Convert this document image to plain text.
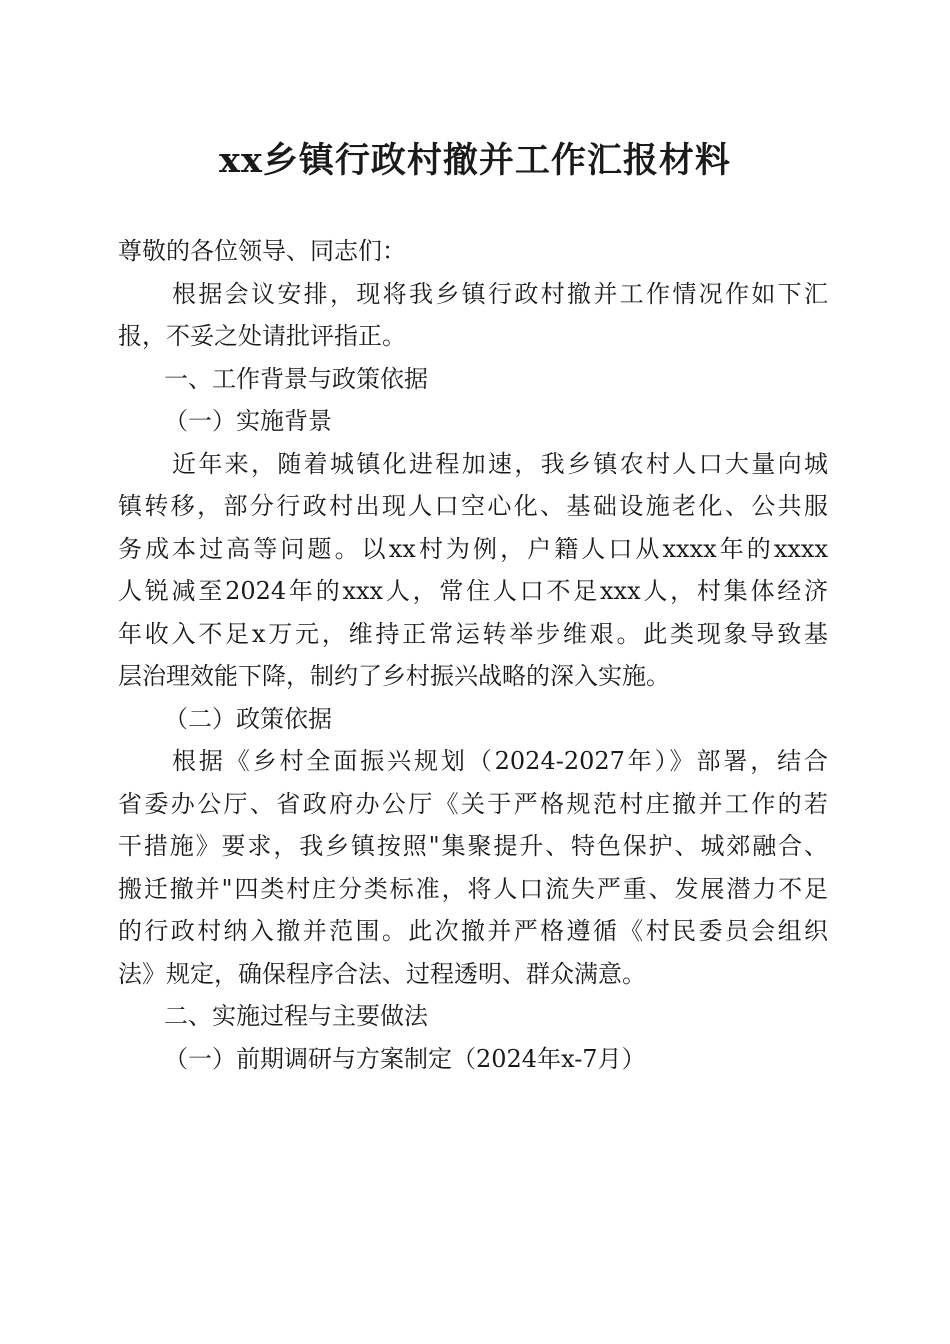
xx乡镇行政村撤并工作汇报材料
尊敬的各位领导、同志们：
根据会议安排，现将我乡镇行政村撤并工作情况作如下汇
报，不妥之处请批评指正。
一、工作背景与政策依据
（一）实施背景
近年来，随着城镇化进程加速，我乡镇农村人口大量向城
镇转移，部分行政村出现人口空心化、基础设施老化、公共服
务成本过高等问题。以xx村为例，户籍人口从xxxx年的xxxx
人锐减至2024年的xxx人，常住人口不足xxx人，村集体经济
年收入不足x万元，维持正常运转举步维艰。此类现象导致基
层治理效能下降，制约了乡村振兴战略的深入实施。
（二）政策依据
根据《乡村全面振兴规划（2024-2027年）》部署，结合
省委办公厅、省政府办公厅《关于严格规范村庄撤并工作的若
干措施》要求，我乡镇按照"集聚提升、特色保护、城郊融合、
搬迁撤并"四类村庄分类标准，将人口流失严重、发展潜力不足
的行政村纳入撤并范围。此次撤并严格遵循《村民委员会组织
法》规定，确保程序合法、过程透明、群众满意。
二、实施过程与主要做法
（一）前期调研与方案制定（2024年x-7月）
